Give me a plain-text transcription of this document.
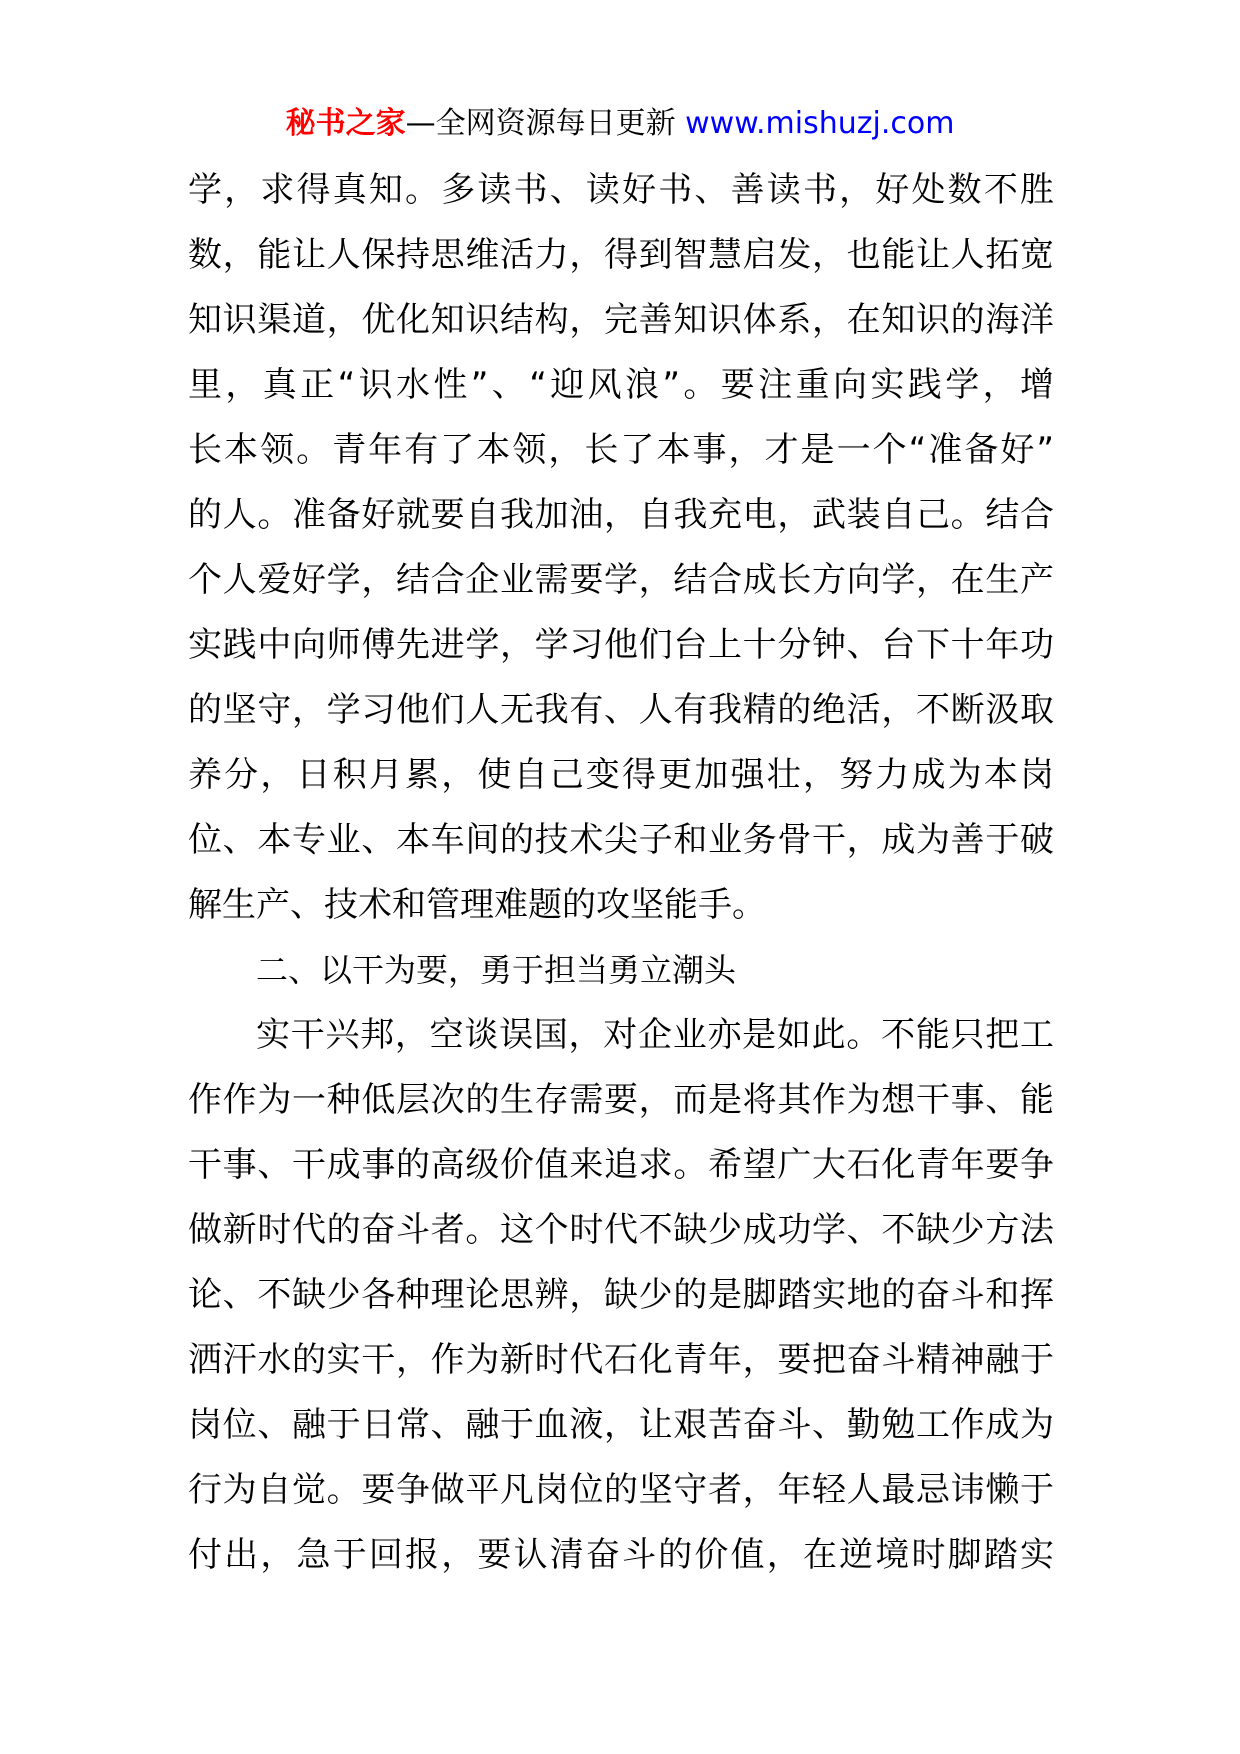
秘书之家—全网资源每日更新 www.mishuzj.com
学，求得真知。多读书、读好书、善读书，好处数不胜
数，能让人保持思维活力，得到智慧启发，也能让人拓宽
知识渠道，优化知识结构，完善知识体系，在知识的海洋
里，真正“识水性”、“迎风浪”。要注重向实践学，增
长本领。青年有了本领，长了本事，才是一个“准备好”
的人。准备好就要自我加油，自我充电，武装自己。结合
个人爱好学，结合企业需要学，结合成长方向学，在生产
实践中向师傅先进学，学习他们台上十分钟、台下十年功
的坚守，学习他们人无我有、人有我精的绝活，不断汲取
养分，日积月累，使自己变得更加强壮，努力成为本岗
位、本专业、本车间的技术尖子和业务骨干，成为善于破
解生产、技术和管理难题的攻坚能手。
二、以干为要，勇于担当勇立潮头
实干兴邦，空谈误国，对企业亦是如此。不能只把工
作作为一种低层次的生存需要，而是将其作为想干事、能
干事、干成事的高级价值来追求。希望广大石化青年要争
做新时代的奋斗者。这个时代不缺少成功学、不缺少方法
论、不缺少各种理论思辨，缺少的是脚踏实地的奋斗和挥
洒汗水的实干，作为新时代石化青年，要把奋斗精神融于
岗位、融于日常、融于血液，让艰苦奋斗、勤勉工作成为
行为自觉。要争做平凡岗位的坚守者，年轻人最忌讳懒于
付出，急于回报，要认清奋斗的价值，在逆境时脚踏实
